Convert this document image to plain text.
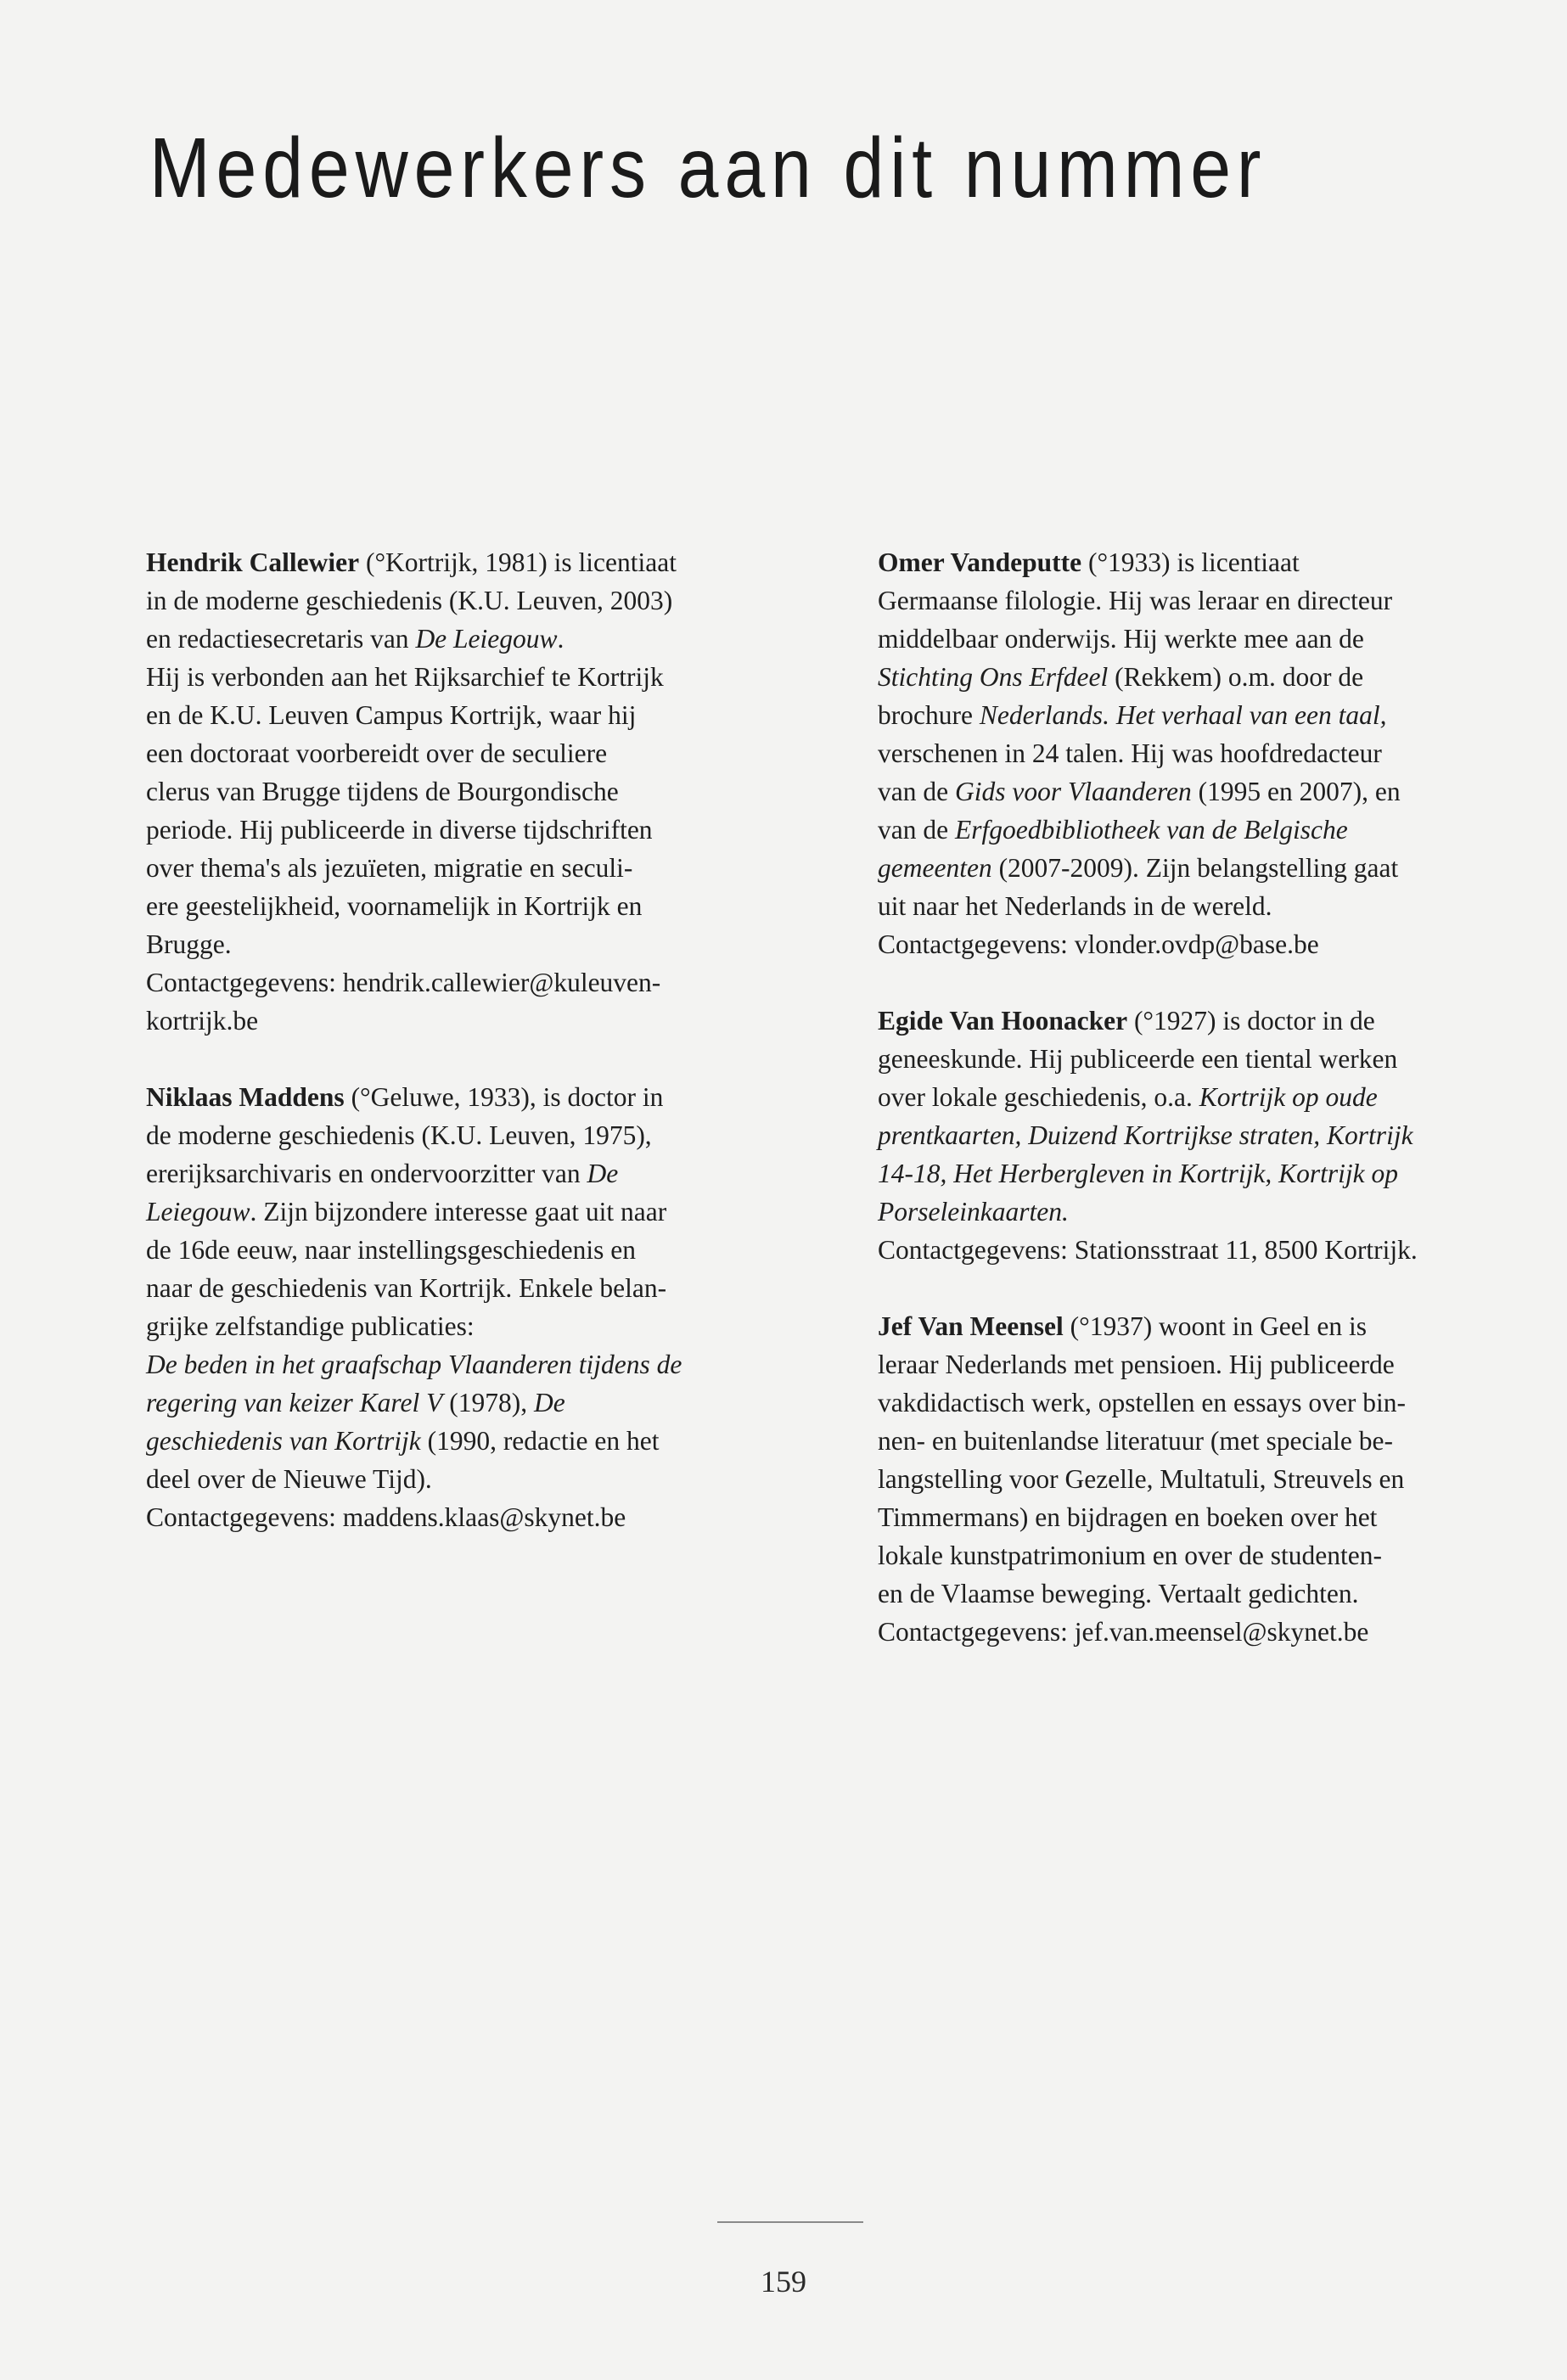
Medewerkers aan dit nummer

Hendrik Callewier (°Kortrijk, 1981) is licentiaat
in de moderne geschiedenis (K.U. Leuven, 2003)
en redactiesecretaris van De Leiegouw.
Hij is verbonden aan het Rijksarchief te Kortrijk
en de K.U. Leuven Campus Kortrijk, waar hij
een doctoraat voorbereidt over de seculiere
clerus van Brugge tijdens de Bourgondische
periode. Hij publiceerde in diverse tijdschriften
over thema's als jezuïeten, migratie en seculi-
ere geestelijkheid, voornamelijk in Kortrijk en
Brugge.
Contactgegevens: hendrik.callewier@kuleuven-
kortrijk.be

Niklaas Maddens (°Geluwe, 1933), is doctor in
de moderne geschiedenis (K.U. Leuven, 1975),
ererijksarchivaris en ondervoorzitter van De
Leiegouw. Zijn bijzondere interesse gaat uit naar
de 16de eeuw, naar instellingsgeschiedenis en
naar de geschiedenis van Kortrijk. Enkele belan-
grijke zelfstandige publicaties:
De beden in het graafschap Vlaanderen tijdens de
regering van keizer Karel V (1978), De
geschiedenis van Kortrijk (1990, redactie en het
deel over de Nieuwe Tijd).
Contactgegevens: maddens.klaas@skynet.be

Omer Vandeputte (°1933) is licentiaat
Germaanse filologie. Hij was leraar en directeur
middelbaar onderwijs. Hij werkte mee aan de
Stichting Ons Erfdeel (Rekkem) o.m. door de
brochure Nederlands. Het verhaal van een taal,
verschenen in 24 talen. Hij was hoofdredacteur
van de Gids voor Vlaanderen (1995 en 2007), en
van de Erfgoedbibliotheek van de Belgische
gemeenten (2007-2009). Zijn belangstelling gaat
uit naar het Nederlands in de wereld.
Contactgegevens: vlonder.ovdp@base.be

Egide Van Hoonacker (°1927) is doctor in de
geneeskunde. Hij publiceerde een tiental werken
over lokale geschiedenis, o.a. Kortrijk op oude
prentkaarten, Duizend Kortrijkse straten, Kortrijk
14-18, Het Herbergleven in Kortrijk, Kortrijk op
Porseleinkaarten.
Contactgegevens: Stationsstraat 11, 8500 Kortrijk.

Jef Van Meensel (°1937) woont in Geel en is
leraar Nederlands met pensioen. Hij publiceerde
vakdidactisch werk, opstellen en essays over bin-
nen- en buitenlandse literatuur (met speciale be-
langstelling voor Gezelle, Multatuli, Streuvels en
Timmermans) en bijdragen en boeken over het
lokale kunstpatrimonium en over de studenten-
en de Vlaamse beweging. Vertaalt gedichten.
Contactgegevens: jef.van.meensel@skynet.be

159
